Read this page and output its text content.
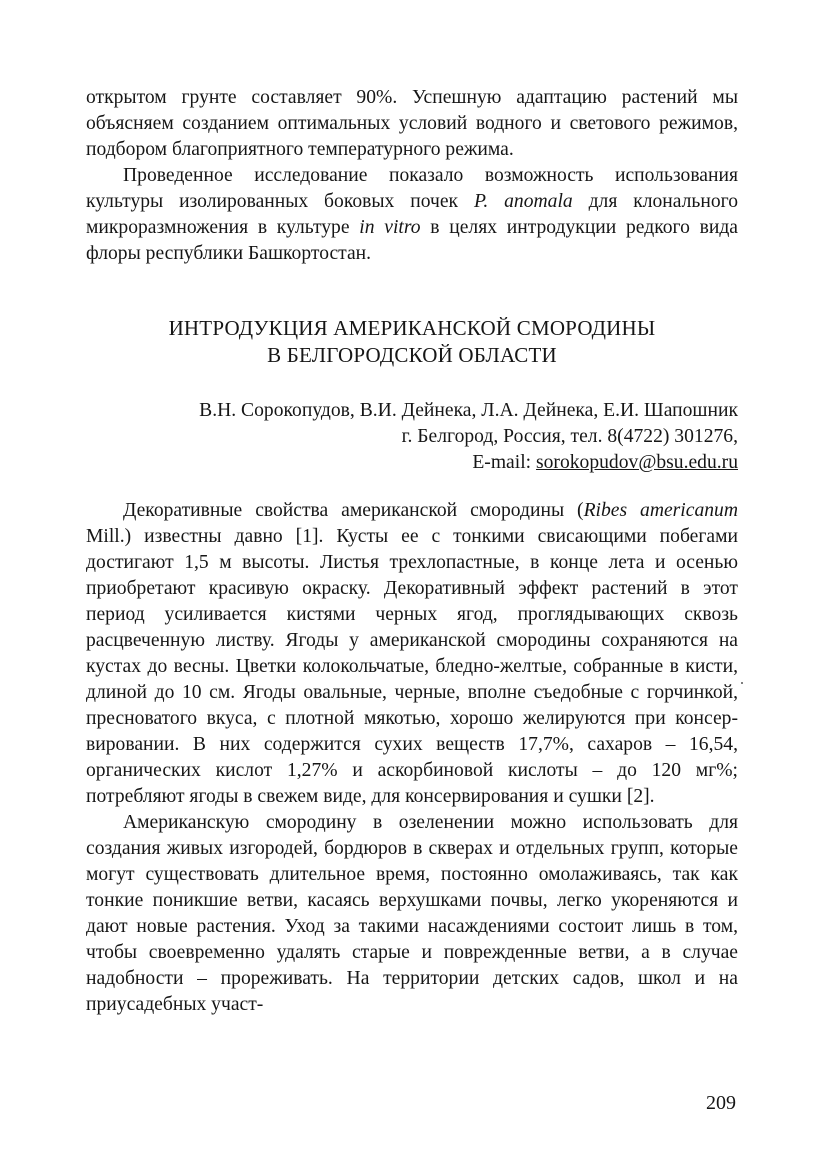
открытом грунте составляет 90%. Успешную адаптацию растений мы объясняем созданием оптимальных условий водного и светового режимов, подбором благоприятного температурного режима.

Проведенное исследование показало возможность использования культуры изолированных боковых почек P. anomala для клонального микроразмножения в культуре in vitro в целях интродукции редкого вида флоры республики Башкортостан.

ИНТРОДУКЦИЯ АМЕРИКАНСКОЙ СМОРОДИНЫ
В БЕЛГОРОДСКОЙ ОБЛАСТИ
В.Н. Сорокопудов, В.И. Дейнека, Л.А. Дейнека, Е.И. Шапошник
г. Белгород, Россия, тел. 8(4722) 301276,
E-mail: sorokopudov@bsu.edu.ru

Декоративные свойства американской смородины (Ribes americanum Mill.) известны давно [1]. Кусты ее с тонкими свисающими побегами достигают 1,5 м высоты. Листья трехлопастные, в конце лета и осенью приобретают красивую окраску. Декоративный эффект растений в этот период усиливается кистями черных ягод, проглядывающих сквозь расцвеченную листву. Ягоды у американской смородины сохраняются на кустах до весны. Цветки колокольчатые, бледно-желтые, собранные в кисти, длиной до 10 см. Ягоды овальные, черные, вполне съедобные с горчинкой, пресноватого вкуса, с плотной мякотью, хорошо желируются при консервировании. В них содержится сухих веществ 17,7%, сахаров – 16,54, органических кислот 1,27% и аскорбиновой кислоты – до 120 мг%; потребляют ягоды в свежем виде, для консервирования и сушки [2].

Американскую смородину в озеленении можно использовать для создания живых изгородей, бордюров в скверах и отдельных групп, которые могут существовать длительное время, постоянно омолаживаясь, так как тонкие поникшие ветви, касаясь верхушками почвы, легко укореняются и дают новые растения. Уход за такими насаждениями состоит лишь в том, чтобы своевременно удалять старые и поврежденные ветви, а в случае надобности – прореживать. На территории детских садов, школ и на приусадебных участ-

209
